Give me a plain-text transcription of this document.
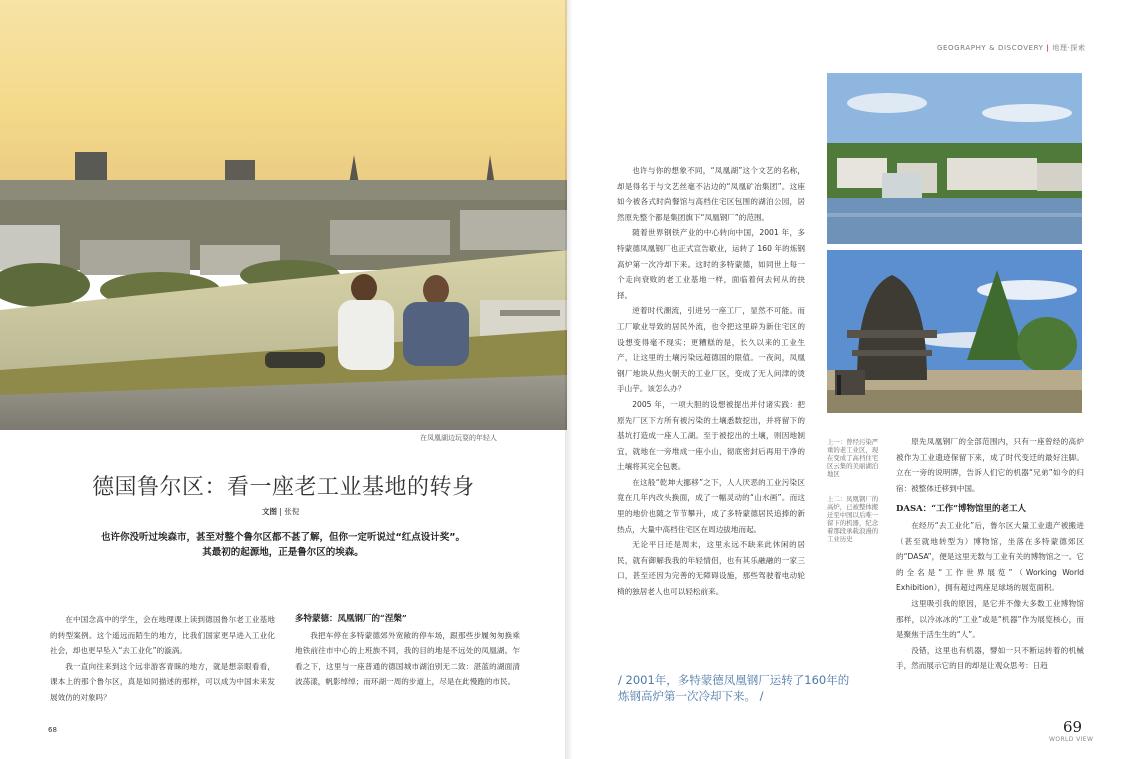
在凤凰湖边玩耍的年轻人
德国鲁尔区：看一座老工业基地的转身
文图 | 张倪
也许你没听过埃森市，甚至对整个鲁尔区都不甚了解，但你一定听说过“红点设计奖”。
其最初的起源地，正是鲁尔区的埃森。

在中国念高中的学生，会在地理课上读到德国鲁尔老工业基地的转型案例。这个遥远而陌生的地方，比我们国家更早进入工业化社会，却也更早坠入“去工业化”的漩涡。

我一直向往来到这个远非游客青睐的地方，就是想亲眼看看，课本上的那个鲁尔区，真是如同描述的那样，可以成为中国未来发展效仿的对象吗？

多特蒙德：凤凰钢厂的“涅槃”

我把车停在多特蒙德郊外宽敞的停车场，跟那些步履匆匆换乘地铁前往市中心的上班族不同，我的目的地是不远处的凤凰湖。乍看之下，这里与一座普通的德国城市湖泊别无二致：湛蓝的湖面清波荡漾，帆影绰绰；而环湖一周的步道上，尽是在此慢跑的市民。

68
GEOGRAPHY & DISCOVERY | 地理·探索

也许与你的想象不同，“凤凰湖”这个文艺的名称，却是得名于与文艺丝毫不沾边的“凤凰矿冶集团”。这座如今被各式时尚餐馆与高档住宅区包围的湖泊公园，居然原先整个都是集团旗下“凤凰钢厂”的范围。

随着世界钢铁产业的中心转向中国，2001 年，多特蒙德凤凰钢厂也正式宣告歇业，运转了 160 年的炼钢高炉第一次冷却下来。这时的多特蒙德，如同世上每一个走向衰败的老工业基地一样，面临着何去何从的抉择。

逆着时代潮流，引进另一座工厂，显然不可能。而工厂歇业导致的居民外流，也令把这里辟为新住宅区的设想变得毫不现实；更糟糕的是，长久以来的工业生产，让这里的土壤污染远超德国的限值。一夜间，凤凰钢厂地块从热火朝天的工业厂区，变成了无人问津的烫手山芋。该怎么办？

2005 年，一项大胆的设想被提出并付诸实践：把原先厂区下方所有被污染的土壤悉数挖出，并将留下的基坑打造成一座人工湖。至于被挖出的土壤，则因地制宜，就地在一旁堆成一座小山，彻底密封后再用干净的土壤将其完全包裹。

在这般“乾坤大挪移”之下，人人厌恶的工业污染区竟在几年内改头换面，成了一幅灵动的“山水画”。而这里的地价也随之节节攀升，成了多特蒙德居民追捧的新热点，大量中高档住宅区在周边拔地而起。

无论平日还是周末，这里永远不缺来此休闲的居民，就有御解我我的年轻情侣，也有其乐融融的一家三口，甚至还因为完善的无障碍设施，那些驾驶着电动轮椅的独居老人也可以轻松前来。

/ 2001年，多特蒙德凤凰钢厂运转了160年的炼钢高炉第一次冷却下来。 /
上一：曾经污染严重的老工业区，现在变成了高档住宅区云集的美丽湖泊地区
上二：凤凰钢厂的高炉，已被整体搬迁至中国以后唯一留下的机器，纪念着那段承载浪漫的工业历史

原先凤凰钢厂的全部范围内，只有一座曾经的高炉被作为工业遗迹保留下来，成了时代变迁的最好注脚。立在一旁的说明牌，告诉人们它的机器“兄弟”如今的归宿：被整体迁移到中国。

DASA：“工作”博物馆里的老工人

在经历“去工业化”后，鲁尔区大量工业遗产被搬进（甚至就地转型为）博物馆，坐落在多特蒙德郊区的“DASA”，便是这里无数与工业有关的博物馆之一。它的全名是“工作世界展览”（Working World Exhibition），拥有超过两座足球场的展览面积。

这里吸引我的原因，是它并不像大多数工业博物馆那样，以冷冰冰的“工业”或是“机器”作为展览核心，而是聚焦于活生生的“人”。

没错，这里也有机器，譬如一只不断运转着的机械手，然而展示它的目的却是让观众思考：日趋

69
WORLD VIEW
